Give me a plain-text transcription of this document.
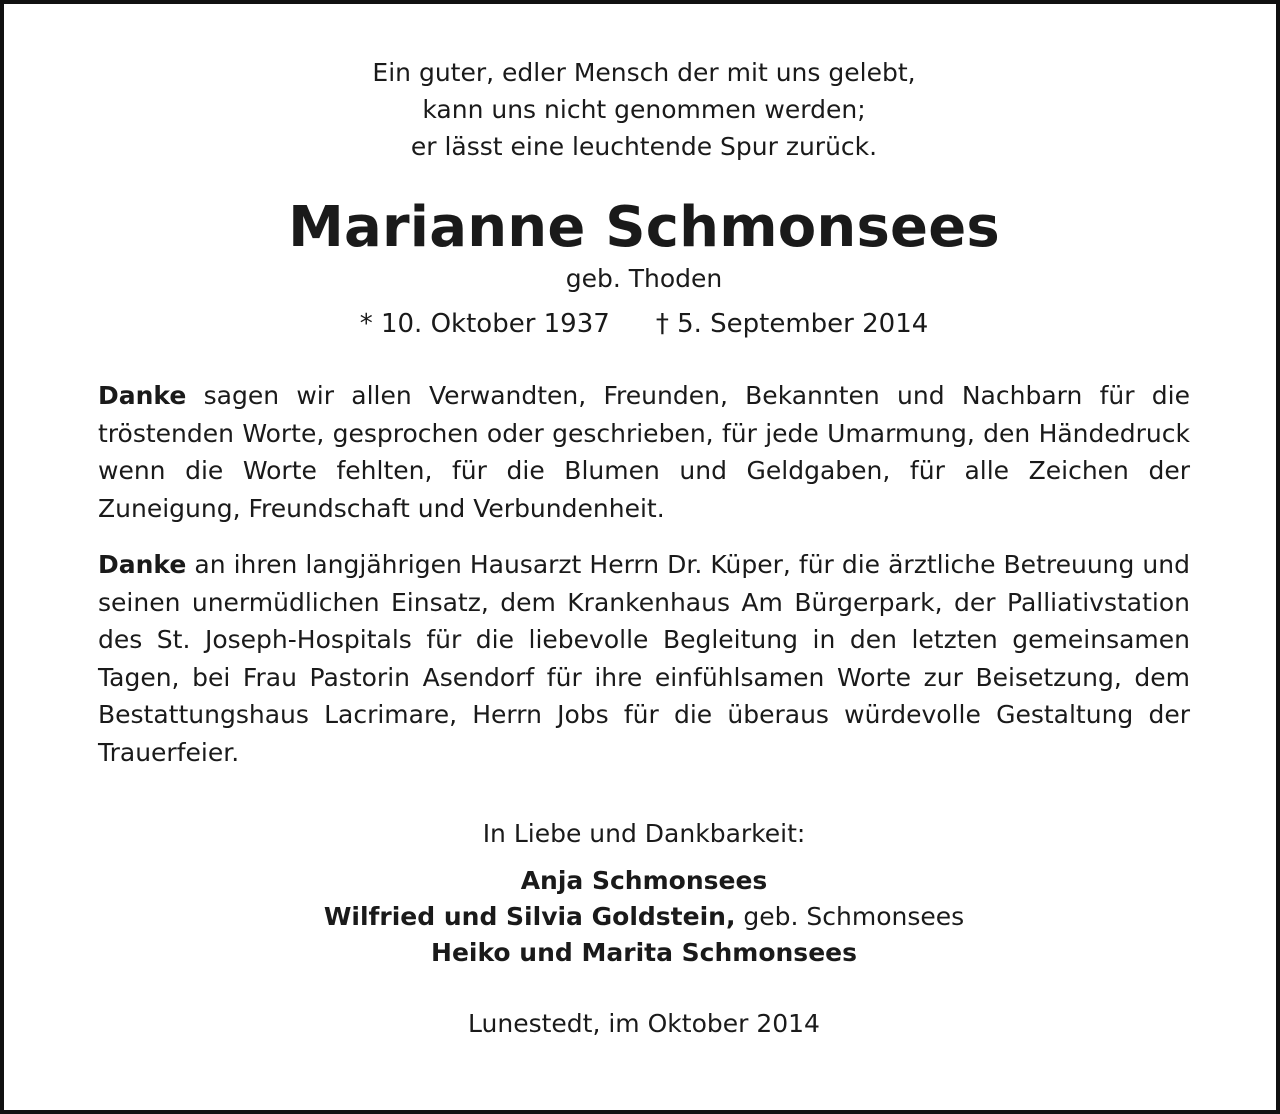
Ein guter, edler Mensch der mit uns gelebt,
kann uns nicht genommen werden;
er lässt eine leuchtende Spur zurück.

Marianne Schmonsees

geb. Thoden

* 10. Oktober 1937 † 5. September 2014

Danke sagen wir allen Verwandten, Freunden, Bekannten und Nachbarn für die tröstenden Worte, gesprochen oder geschrieben, für jede Umarmung, den Händedruck wenn die Worte fehlten, für die Blumen und Geldgaben, für alle Zeichen der Zuneigung, Freundschaft und Verbundenheit.

Danke an ihren langjährigen Hausarzt Herrn Dr. Küper, für die ärztliche Betreuung und seinen unermüdlichen Einsatz, dem Krankenhaus Am Bürgerpark, der Palliativstation des St. Joseph-Hospitals für die liebevolle Begleitung in den letzten gemeinsamen Tagen, bei Frau Pastorin Asendorf für ihre einfühlsamen Worte zur Beisetzung, dem Bestattungshaus Lacrimare, Herrn Jobs für die überaus würdevolle Gestaltung der Trauerfeier.

In Liebe und Dankbarkeit:

Anja Schmonsees
Wilfried und Silvia Goldstein, geb. Schmonsees
Heiko und Marita Schmonsees

Lunestedt, im Oktober 2014
